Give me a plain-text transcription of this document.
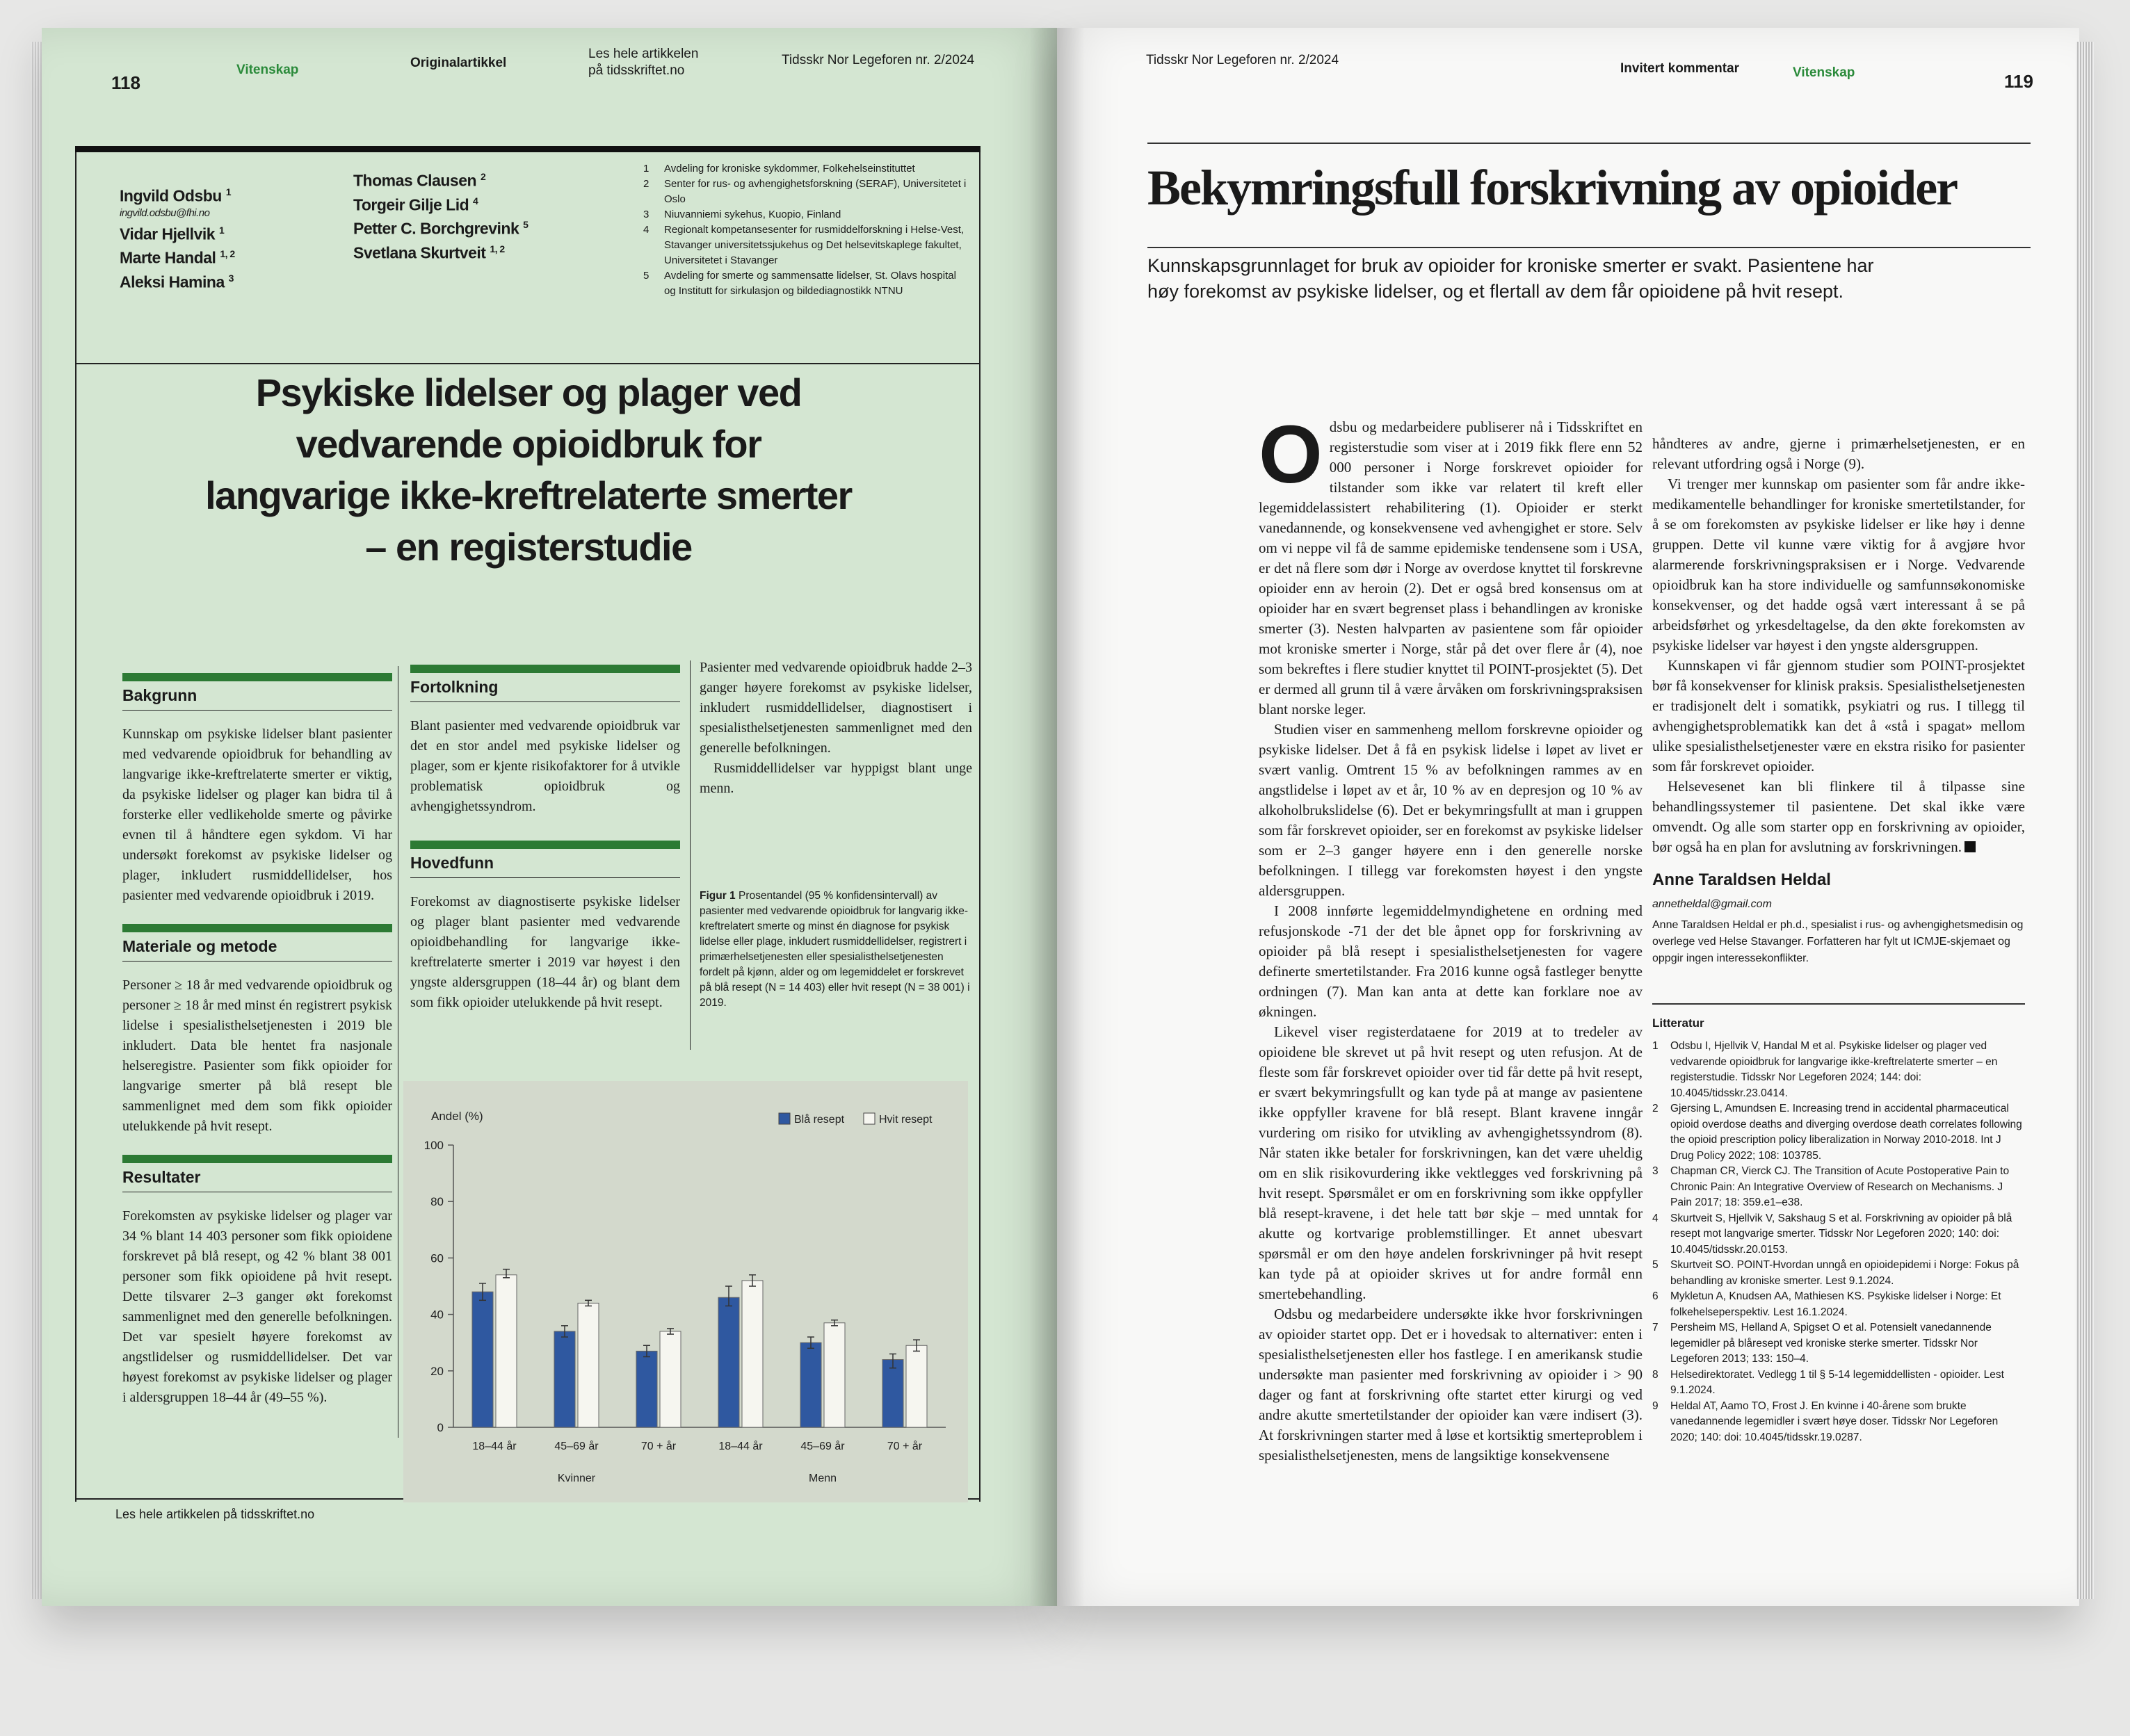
118
Vitenskap	Originalartikkel
Les hele artikkelen
på tidsskriftet.no
Tidsskr Nor Legeforen nr. 2/2024
Ingvild Odsbu $^1$
ingvild.odsbu@fhi.no
Vidar Hjellvik $^1$
Marte Handal $^{1, 2}$
Aleksi Hamina $^3$
Thomas Clausen $^2$
Torgeir Gilje Lid $^4$
Petter C. Borchgrevink $^5$
Svetlana Skurtveit $^{1, 2}$
1 Avdeling for kroniske sykdommer, Folkehelseinstituttet
2 Senter for rus- og avhengighetsforskning (SERAF), Universitetet i Oslo
3 Niuvanniemi sykehus, Kuopio, Finland
4 Regionalt kompetansesenter for rusmiddelforskning i Helse-Vest, Stavanger universitetssjukehus og Det helsevitskaplege fakultet, Universitetet i Stavanger
5 Avdeling for smerte og sammensatte lidelser, St. Olavs hospital og Institutt for sirkulasjon og bildediagnostikk NTNU
Psykiske lidelser og plager ved
vedvarende opioidbruk for
langvarige ikke-kreftrelaterte smerter
– en registerstudie
Bakgrunn

Kunnskap om psykiske lidelser blant pasienter med vedvarende opioidbruk for behandling av langvarige ikke-kreftrelaterte smerter er viktig, da psykiske lidelser og plager kan bidra til å forsterke eller vedlikeholde smerte og påvirke evnen til å håndtere egen sykdom. Vi har undersøkt forekomst av psykiske lidelser og plager, inkludert rusmiddellidelser, hos pasienter med vedvarende opioidbruk i 2019.

Materiale og metode

Personer ≥ 18 år med vedvarende opioidbruk og personer ≥ 18 år med minst én registrert psykisk lidelse i spesialisthelsetjenesten i 2019 ble inkludert. Data ble hentet fra nasjonale helseregistre. Pasienter som fikk opioider for langvarige smerter på blå resept ble sammenlignet med dem som fikk opioider utelukkende på hvit resept.

Resultater

Forekomsten av psykiske lidelser og plager var 34 % blant 14 403 personer som fikk opioidene forskrevet på blå resept, og 42 % blant 38 001 personer som fikk opioidene på hvit resept. Dette tilsvarer 2–3 ganger økt forekomst sammenlignet med den generelle befolkningen. Det var spesielt høyere forekomst av angstlidelser og rusmiddellidelser. Det var høyest forekomst av psykiske lidelser og plager i aldersgruppen 18–44 år (49–55 %).

Fortolkning

Blant pasienter med vedvarende opioidbruk var det en stor andel med psykiske lidelser og plager, som er kjente risikofaktorer for å utvikle problematisk opioidbruk og avhengighetssyndrom.

Hovedfunn

Forekomst av diagnostiserte psykiske lidelser og plager blant pasienter med vedvarende opioidbehandling for langvarige ikke-kreftrelaterte smerter i 2019 var høyest i den yngste aldersgruppen (18–44 år) og blant dem som fikk opioider utelukkende på hvit resept.

Pasienter med vedvarende opioidbruk hadde 2–3 ganger høyere forekomst av psykiske lidelser, inkludert rusmiddellidelser, diagnostisert i spesialisthelsetjenesten sammenlignet med den generelle befolkningen.

Rusmiddellidelser var hyppigst blant unge menn.

Figur 1 Prosentandel (95 % konfidensintervall) av pasienter med vedvarende opioidbruk for langvarig ikke-kreftrelatert smerte og minst én diagnose for psykisk lidelse eller plage, inkludert rusmiddellidelser, registrert i primærhelsetjenesten eller spesialisthelsetjenesten fordelt på kjønn, alder og om legemiddelet er forskrevet på blå resept (N = 14 403) eller hvit resept (N = 38 001) i 2019.
Andel (%)
0
20
40
60
80
100
18–44 år	45–69 år	70 + år	18–44 år	45–69 år	70 + år
Kvinner	Menn
Blå resept	Hvit resept
Les hele artikkelen på tidsskriftet.no
Tidsskr Nor Legeforen nr. 2/2024
Invitert kommentar	Vitenskap	119
Bekymringsfull forskrivning av opioider
Kunnskapsgrunnlaget for bruk av opioider for kroniske smerter er svakt. Pasientene har
høy forekomst av psykiske lidelser, og et flertall av dem får opioidene på hvit resept.

Odsbu og medarbeidere publiserer nå i Tidsskriftet en registerstudie som viser at i 2019 fikk flere enn 52 000 personer i Norge forskrevet opioider for tilstander som ikke var relatert til kreft eller legemiddelassistert rehabilitering (1). Opioider er sterkt vanedannende, og konsekvensene ved avhengighet er store. Selv om vi neppe vil få de samme epidemiske tendensene som i USA, er det nå flere som dør i Norge av overdose knyttet til forskrevne opioider enn av heroin (2). Det er også bred konsensus om at opioider har en svært begrenset plass i behandlingen av kroniske smerter (3). Nesten halvparten av pasientene som får opioider mot kroniske smerter i Norge, står på det over flere år (4), noe som bekreftes i flere studier knyttet til POINT-prosjektet (5). Det er dermed all grunn til å være årvåken om forskrivningspraksisen blant norske leger.

Studien viser en sammenheng mellom forskrevne opioider og psykiske lidelser. Det å få en psykisk lidelse i løpet av livet er svært vanlig. Omtrent 15 % av befolkningen rammes av en angstlidelse i løpet av et år, 10 % av en depresjon og 10 % av alkoholbrukslidelse (6). Det er bekymringsfullt at man i gruppen som får forskrevet opioider, ser en forekomst av psykiske lidelser som er 2–3 ganger høyere enn i den generelle norske befolkningen. I tillegg var forekomsten høyest i den yngste aldersgruppen.

I 2008 innførte legemiddelmyndighetene en ordning med refusjonskode -71 der det ble åpnet opp for forskrivning av opioider på blå resept i spesialisthelsetjenesten for vagere definerte smertetilstander. Fra 2016 kunne også fastleger benytte ordningen (7). Man kan anta at dette kan forklare noe av økningen.

Likevel viser registerdataene for 2019 at to tredeler av opioidene ble skrevet ut på hvit resept og uten refusjon. At de fleste som får forskrevet opioider over tid får dette på hvit resept, er svært bekymringsfullt og kan tyde på at mange av pasientene ikke oppfyller kravene for blå resept. Blant kravene inngår vurdering om risiko for utvikling av avhengighetssyndrom (8). Når staten ikke betaler for forskrivningen, kan det være uheldig om en slik risikovurdering ikke vektlegges ved forskrivning på hvit resept. Spørsmålet er om en forskrivning som ikke oppfyller blå resept-kravene, i det hele tatt bør skje – med unntak for akutte og kortvarige problemstillinger. Et annet ubesvart spørsmål er om den høye andelen forskrivninger på hvit resept kan tyde på at opioider skrives ut for andre formål enn smertebehandling.

Odsbu og medarbeidere undersøkte ikke hvor forskrivningen av opioider startet opp. Det er i hovedsak to alternativer: enten i spesialisthelsetjenesten eller hos fastlege. I en amerikansk studie undersøkte man pasienter med forskrivning av opioider i > 90 dager og fant at forskrivning ofte startet etter kirurgi og ved andre akutte smertetilstander der opioider kan være indisert (3). At forskrivningen starter med å løse et kortsiktig smerteproblem i spesialisthelsetjenesten, mens de langsiktige konsekvensene

håndteres av andre, gjerne i primærhelsetjenesten, er en relevant utfordring også i Norge (9).

Vi trenger mer kunnskap om pasienter som får andre ikke-medikamentelle behandlinger for kroniske smertetilstander, for å se om forekomsten av psykiske lidelser er like høy i denne gruppen. Dette vil kunne være viktig for å avgjøre hvor alarmerende forskrivningspraksisen er i Norge. Vedvarende opioidbruk kan ha store individuelle og samfunnsøkonomiske konsekvenser, og det hadde også vært interessant å se på arbeidsførhet og yrkesdeltagelse, da den økte forekomsten av psykiske lidelser var høyest i den yngste aldersgruppen.

Kunnskapen vi får gjennom studier som POINT-prosjektet bør få konsekvenser for klinisk praksis. Spesialisthelsetjenesten er tradisjonelt delt i somatikk, psykiatri og rus. I tillegg til avhengighetsproblematikk kan det å «stå i spagat» mellom ulike spesialisthelsetjenester være en ekstra risiko for pasienter som får forskrevet opioider.

Helsevesenet kan bli flinkere til å tilpasse sine behandlingssystemer til pasientene. Det skal ikke være omvendt. Og alle som starter opp en forskrivning av opioider, bør også ha en plan for avslutning av forskrivningen.

Anne Taraldsen Heldal
annetheldal@gmail.com
Anne Taraldsen Heldal er ph.d., spesialist i rus- og avhengighetsmedisin og overlege ved Helse Stavanger. Forfatteren har fylt ut ICMJE-skjemaet og oppgir ingen interessekonflikter.
Litteratur
1 Odsbu I, Hjellvik V, Handal M et al. Psykiske lidelser og plager ved vedvarende opioidbruk for langvarige ikke-kreftrelaterte smerter – en registerstudie. Tidsskr Nor Legeforen 2024; 144: doi: 10.4045/tidsskr.23.0414.
2 Gjersing L, Amundsen E. Increasing trend in accidental pharmaceutical opioid overdose deaths and diverging overdose death correlates following the opioid prescription policy liberalization in Norway 2010-2018. Int J Drug Policy 2022; 108: 103785.
3 Chapman CR, Vierck CJ. The Transition of Acute Postoperative Pain to Chronic Pain: An Integrative Overview of Research on Mechanisms. J Pain 2017; 18: 359.e1–e38.
4 Skurtveit S, Hjellvik V, Sakshaug S et al. Forskrivning av opioider på blå resept mot langvarige smerter. Tidsskr Nor Legeforen 2020; 140: doi: 10.4045/tidsskr.20.0153.
5 Skurtveit SO. POINT-Hvordan unngå en opioidepidemi i Norge: Fokus på behandling av kroniske smerter. Lest 9.1.2024.
6 Mykletun A, Knudsen AA, Mathiesen KS. Psykiske lidelser i Norge: Et folkehelseperspektiv. Lest 16.1.2024.
7 Persheim MS, Helland A, Spigset O et al. Potensielt vanedannende legemidler på blåresept ved kroniske sterke smerter. Tidsskr Nor Legeforen 2013; 133: 150–4.
8 Helsedirektoratet. Vedlegg 1 til § 5-14 legemiddellisten - opioider. Lest 9.1.2024.
9 Heldal AT, Aamo TO, Frost J. En kvinne i 40-årene som brukte vanedannende legemidler i svært høye doser. Tidsskr Nor Legeforen 2020; 140: doi: 10.4045/tidsskr.19.0287.
